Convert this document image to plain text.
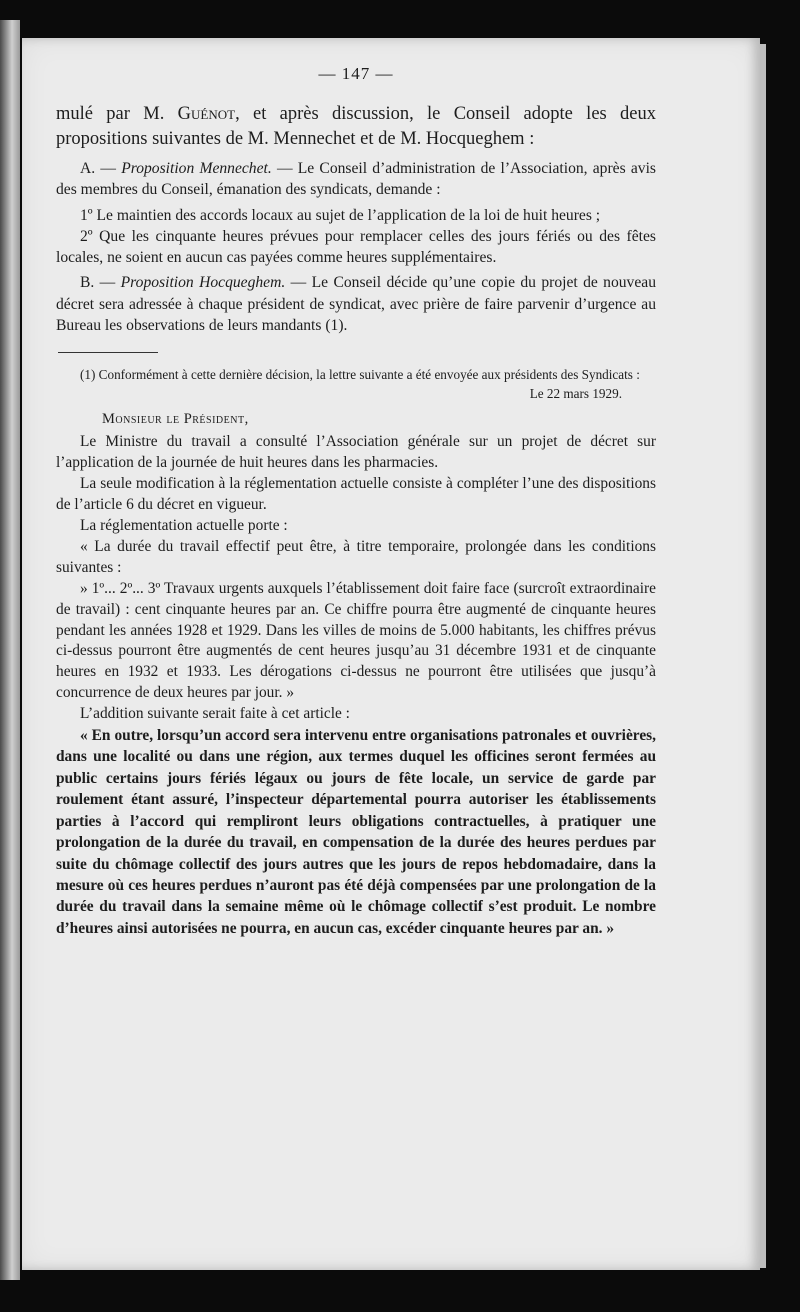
— 147 —

mulé par M. Guénot, et après discussion, le Conseil adopte les deux propositions suivantes de M. Mennechet et de M. Hocqueghem :

A. — Proposition Mennechet. — Le Conseil d’administration de l’Association, après avis des membres du Conseil, émanation des syndicats, demande :

1º Le maintien des accords locaux au sujet de l’application de la loi de huit heures ;

2º Que les cinquante heures prévues pour remplacer celles des jours fériés ou des fêtes locales, ne soient en aucun cas payées comme heures supplémentaires.

B. — Proposition Hocqueghem. — Le Conseil décide qu’une copie du projet de nouveau décret sera adressée à chaque président de syndicat, avec prière de faire parvenir d’urgence au Bureau les observations de leurs mandants (1).

(1) Conformément à cette dernière décision, la lettre suivante a été envoyée aux présidents des Syndicats :

Le 22 mars 1929.

Monsieur le Président,

Le Ministre du travail a consulté l’Association générale sur un projet de décret sur l’application de la journée de huit heures dans les pharmacies.

La seule modification à la réglementation actuelle consiste à compléter l’une des dispositions de l’article 6 du décret en vigueur.

La réglementation actuelle porte :

« La durée du travail effectif peut être, à titre temporaire, prolongée dans les conditions suivantes :

» 1º... 2º... 3º Travaux urgents auxquels l’établissement doit faire face (surcroît extraordinaire de travail) : cent cinquante heures par an. Ce chiffre pourra être augmenté de cinquante heures pendant les années 1928 et 1929. Dans les villes de moins de 5.000 habitants, les chiffres prévus ci-dessus pourront être augmentés de cent heures jusqu’au 31 décembre 1931 et de cinquante heures en 1932 et 1933. Les dérogations ci-dessus ne pourront être utilisées que jusqu’à concurrence de deux heures par jour. »

L’addition suivante serait faite à cet article :

« En outre, lorsqu’un accord sera intervenu entre organisations patronales et ouvrières, dans une localité ou dans une région, aux termes duquel les officines seront fermées au public certains jours fériés légaux ou jours de fête locale, un service de garde par roulement étant assuré, l’inspecteur départemental pourra autoriser les établissements parties à l’accord qui rempliront leurs obligations contractuelles, à pratiquer une prolongation de la durée du travail, en compensation de la durée des heures perdues par suite du chômage collectif des jours autres que les jours de repos hebdomadaire, dans la mesure où ces heures perdues n’auront pas été déjà compensées par une prolongation de la durée du travail dans la semaine même où le chômage collectif s’est produit. Le nombre d’heures ainsi autorisées ne pourra, en aucun cas, excéder cinquante heures par an. »
